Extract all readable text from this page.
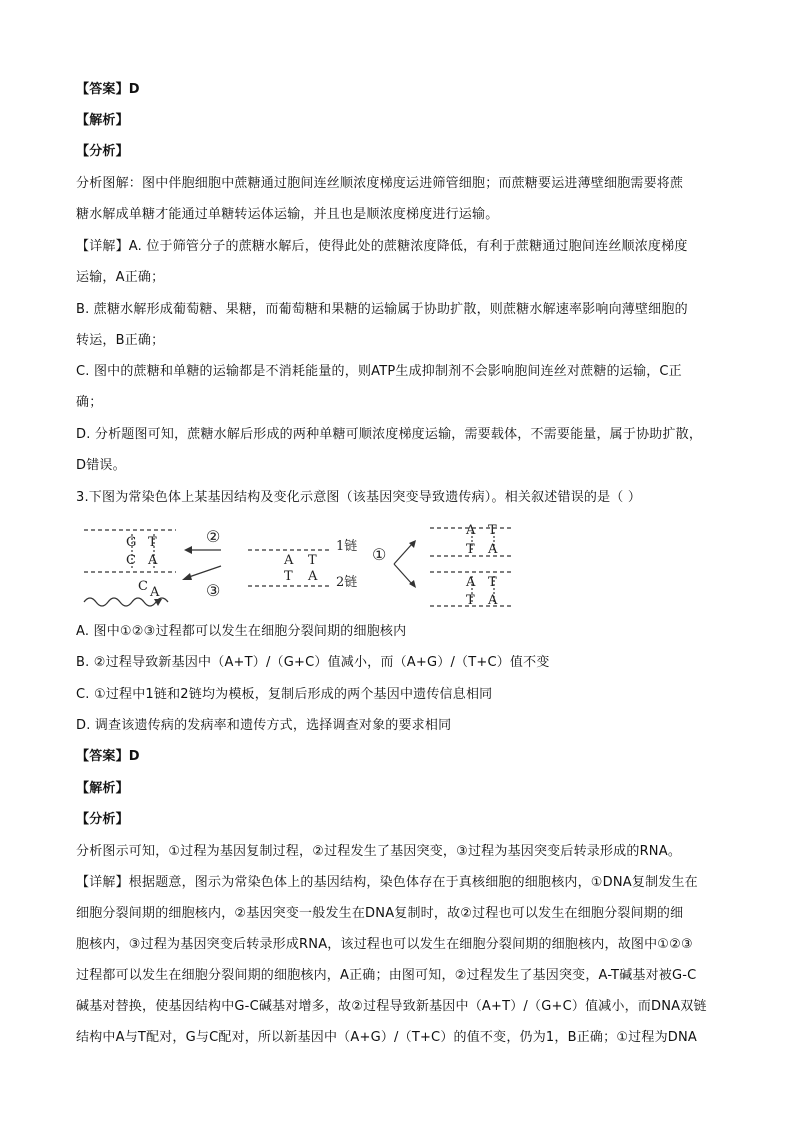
【答案】D
【解析】
【分析】
分析图解：图中伴胞细胞中蔗糖通过胞间连丝顺浓度梯度运进筛管细胞；而蔗糖要运进薄壁细胞需要将蔗
糖水解成单糖才能通过单糖转运体运输，并且也是顺浓度梯度进行运输。
【详解】A. 位于筛管分子的蔗糖水解后，使得此处的蔗糖浓度降低，有利于蔗糖通过胞间连丝顺浓度梯度
运输，A正确；
B. 蔗糖水解形成葡萄糖、果糖，而葡萄糖和果糖的运输属于协助扩散，则蔗糖水解速率影响向薄壁细胞的
转运，B正确；
C. 图中的蔗糖和单糖的运输都是不消耗能量的，则ATP生成抑制剂不会影响胞间连丝对蔗糖的运输，C正
确；
D. 分析题图可知，蔗糖水解后形成的两种单糖可顺浓度梯度运输，需要载体，不需要能量，属于协助扩散，
D错误。
3.下图为常染色体上某基因结构及变化示意图（该基因突变导致遗传病）。相关叙述错误的是（ ）
G T
C A
C A
②
③
A T
T A
1链
2链
①
A T
T A
A T
T A
A. 图中①②③过程都可以发生在细胞分裂间期的细胞核内
B. ②过程导致新基因中（A+T）/（G+C）值减小，而（A+G）/（T+C）值不变
C. ①过程中1链和2链均为模板，复制后形成的两个基因中遗传信息相同
D. 调查该遗传病的发病率和遗传方式，选择调查对象的要求相同
【答案】D
【解析】
【分析】
分析图示可知，①过程为基因复制过程，②过程发生了基因突变，③过程为基因突变后转录形成的RNA。
【详解】根据题意，图示为常染色体上的基因结构，染色体存在于真核细胞的细胞核内，①DNA复制发生在
细胞分裂间期的细胞核内，②基因突变一般发生在DNA复制时，故②过程也可以发生在细胞分裂间期的细
胞核内，③过程为基因突变后转录形成RNA，该过程也可以发生在细胞分裂间期的细胞核内，故图中①②③
过程都可以发生在细胞分裂间期的细胞核内，A正确；由图可知，②过程发生了基因突变，A-T碱基对被G-C
碱基对替换，使基因结构中G-C碱基对增多，故②过程导致新基因中（A+T）/（G+C）值减小，而DNA双链
结构中A与T配对，G与C配对，所以新基因中（A+G）/（T+C）的值不变，仍为1，B正确；①过程为DNA
